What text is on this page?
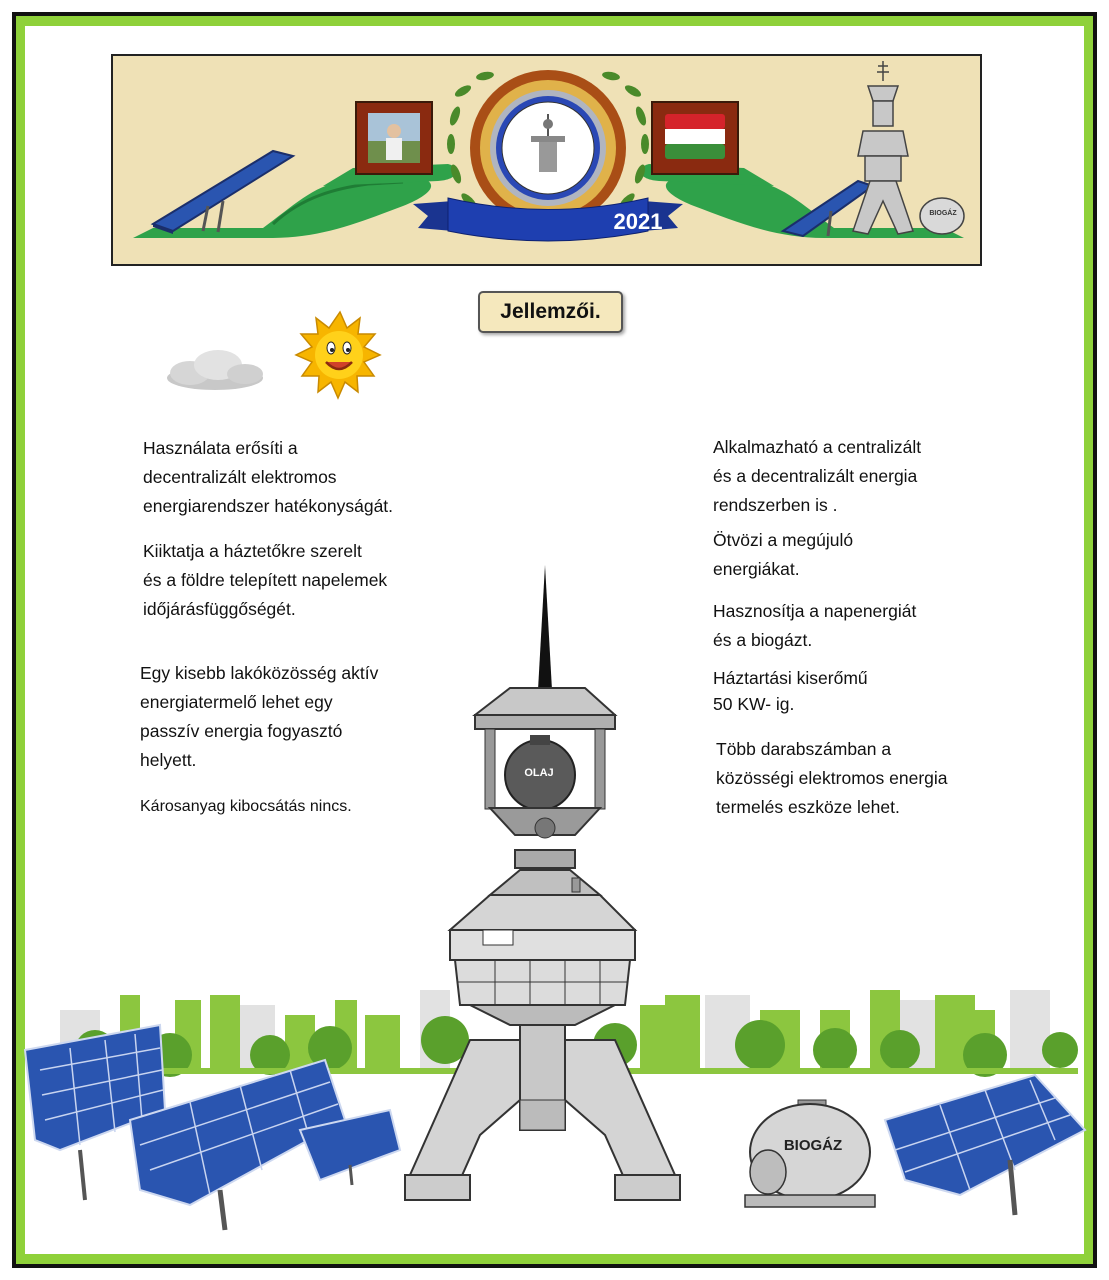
2021	BIOGÁZ
Jellemzői.
OLAJ
BIOGÁZ
Használata erősíti a
decentralizált elektromos
energiarendszer hatékonyságát.
Kiiktatja a háztetőkre szerelt
és a földre telepített napelemek
időjárásfüggőségét.
Egy kisebb lakóközösség aktív
energiatermelő lehet egy
passzív energia fogyasztó
helyett.
Károsanyag kibocsátás nincs.
Alkalmazható a centralizált
és a decentralizált energia
rendszerben is .
Ötvözi a megújuló
energiákat.
Hasznosítja a napenergiát
és a biogázt.
Háztartási kiserőmű
50 KW- ig.
Több darabszámban a
közösségi elektromos energia
termelés eszköze lehet.
